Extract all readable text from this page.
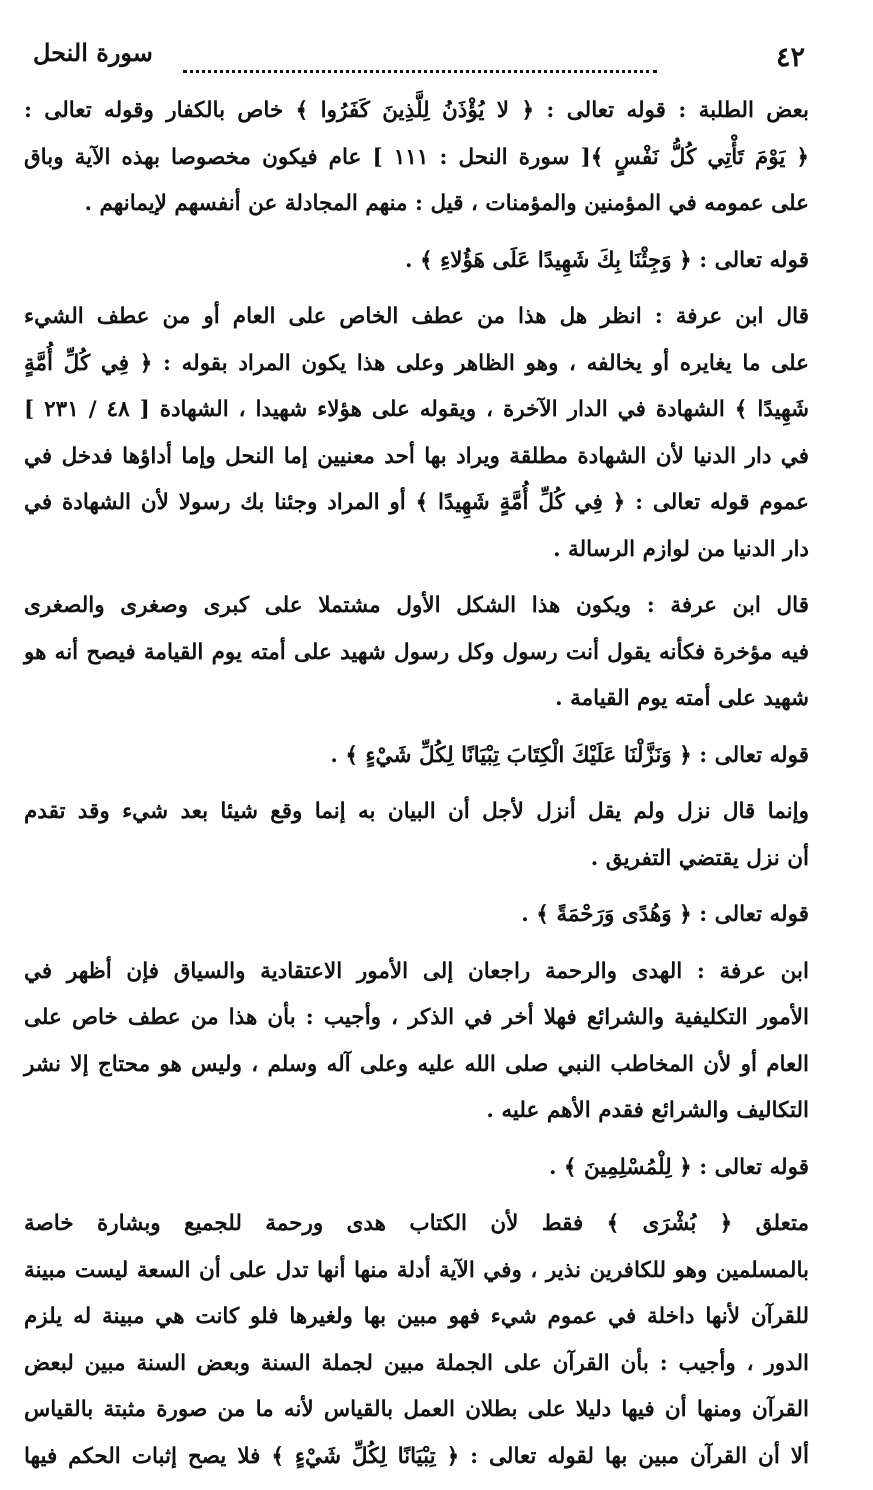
٤٢
سورة النحل
بعض الطلبة : قوله تعالى : ﴿ لا يُؤْذَنُ لِلَّذِينَ كَفَرُوا ﴾ خاص بالكفار وقوله تعالى :
﴿ يَوْمَ تَأْتِي كُلُّ نَفْسٍ ﴾[ سورة النحل : ١١١ ] عام فيكون مخصوصا بهذه الآية وباق
على عمومه في المؤمنين والمؤمنات ، قيل : منهم المجادلة عن أنفسهم لإيمانهم .
قوله تعالى : ﴿ وَجِئْنَا بِكَ شَهِيدًا عَلَى هَؤُلاءِ ﴾ .
قال ابن عرفة : انظر هل هذا من عطف الخاص على العام أو من عطف الشيء
على ما يغايره أو يخالفه ، وهو الظاهر وعلى هذا يكون المراد بقوله : ﴿ فِي كُلِّ أُمَّةٍ
شَهِيدًا ﴾ الشهادة في الدار الآخرة ، ويقوله على هؤلاء شهيدا ، الشهادة [ ٤٨ / ٢٣١ ]
في دار الدنيا لأن الشهادة مطلقة ويراد بها أحد معنيين إما النحل وإما أداؤها فدخل في
عموم قوله تعالى : ﴿ فِي كُلِّ أُمَّةٍ شَهِيدًا ﴾ أو المراد وجئنا بك رسولا لأن الشهادة في
دار الدنيا من لوازم الرسالة .
قال ابن عرفة : ويكون هذا الشكل الأول مشتملا على كبرى وصغرى والصغرى
فيه مؤخرة فكأنه يقول أنت رسول وكل رسول شهيد على أمته يوم القيامة فيصح أنه هو
شهيد على أمته يوم القيامة .
قوله تعالى : ﴿ وَنَزَّلْنَا عَلَيْكَ الْكِتَابَ تِبْيَانًا لِكُلِّ شَيْءٍ ﴾ .
وإنما قال نزل ولم يقل أنزل لأجل أن البيان به إنما وقع شيئا بعد شيء وقد تقدم
أن نزل يقتضي التفريق .
قوله تعالى : ﴿ وَهُدًى وَرَحْمَةً ﴾ .
ابن عرفة : الهدى والرحمة راجعان إلى الأمور الاعتقادية والسياق فإن أظهر في
الأمور التكليفية والشرائع فهلا أخر في الذكر ، وأجيب : بأن هذا من عطف خاص على
العام أو لأن المخاطب النبي صلى الله عليه وعلى آله وسلم ، وليس هو محتاج إلا نشر
التكاليف والشرائع فقدم الأهم عليه .
قوله تعالى : ﴿ لِلْمُسْلِمِينَ ﴾ .
متعلق ﴿ بُشْرَى ﴾ فقط لأن الكتاب هدى ورحمة للجميع وبشارة خاصة
بالمسلمين وهو للكافرين نذير ، وفي الآية أدلة منها أنها تدل على أن السعة ليست مبينة
للقرآن لأنها داخلة في عموم شيء فهو مبين بها ولغيرها فلو كانت هي مبينة له يلزم
الدور ، وأجيب : بأن القرآن على الجملة مبين لجملة السنة وبعض السنة مبين لبعض
القرآن ومنها أن فيها دليلا على بطلان العمل بالقياس لأنه ما من صورة مثبتة بالقياس
ألا أن القرآن مبين بها لقوله تعالى : ﴿ تِبْيَانًا لِكُلِّ شَيْءٍ ﴾ فلا يصح إثبات الحكم فيها
